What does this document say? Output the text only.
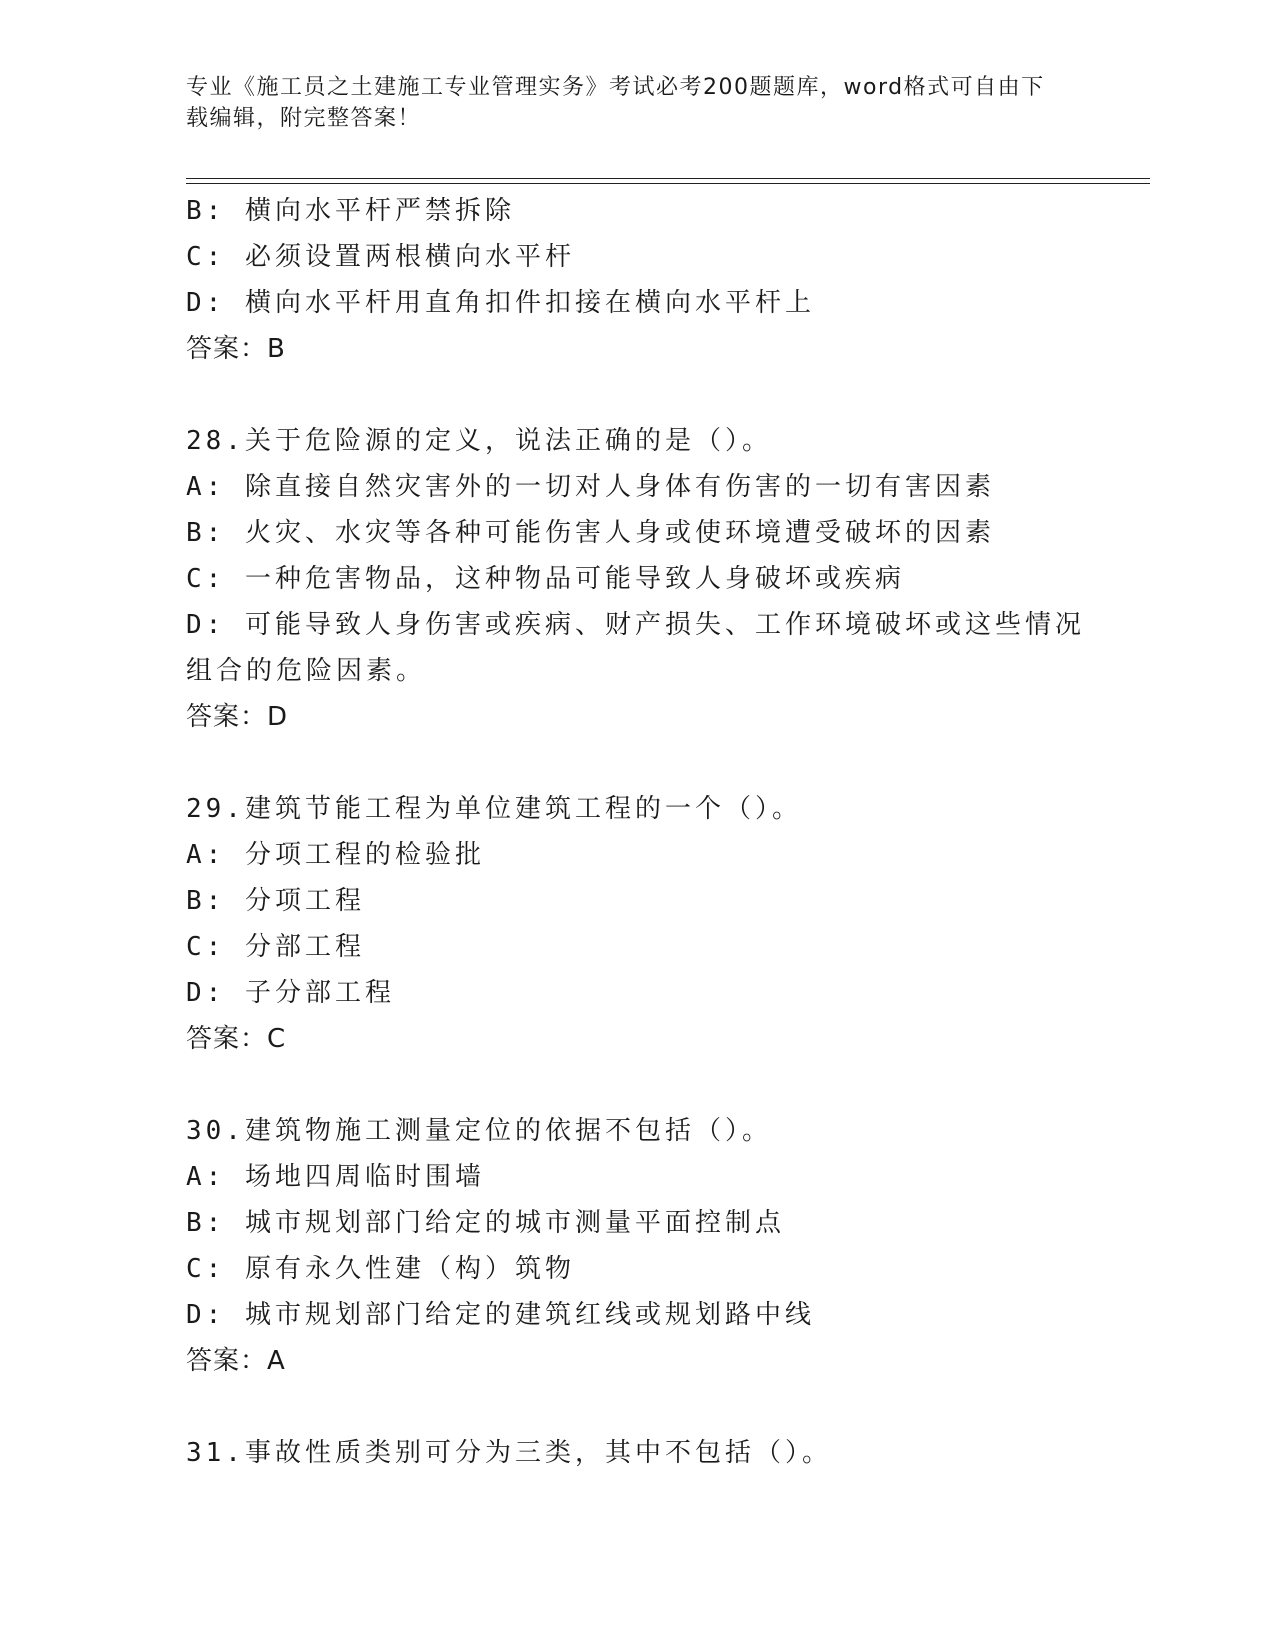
专业《施工员之土建施工专业管理实务》考试必考200题题库，word格式可自由下载编辑，附完整答案！
B: 横向水平杆严禁拆除
C: 必须设置两根横向水平杆
D: 横向水平杆用直角扣件扣接在横向水平杆上
答案：B
28.关于危险源的定义，说法正确的是（）。
A: 除直接自然灾害外的一切对人身体有伤害的一切有害因素
B: 火灾、水灾等各种可能伤害人身或使环境遭受破坏的因素
C: 一种危害物品，这种物品可能导致人身破坏或疾病
D: 可能导致人身伤害或疾病、财产损失、工作环境破坏或这些情况组合的危险因素。
答案：D
29.建筑节能工程为单位建筑工程的一个（）。
A: 分项工程的检验批
B: 分项工程
C: 分部工程
D: 子分部工程
答案：C
30.建筑物施工测量定位的依据不包括（）。
A: 场地四周临时围墙
B: 城市规划部门给定的城市测量平面控制点
C: 原有永久性建（构）筑物
D: 城市规划部门给定的建筑红线或规划路中线
答案：A
31.事故性质类别可分为三类，其中不包括（）。
